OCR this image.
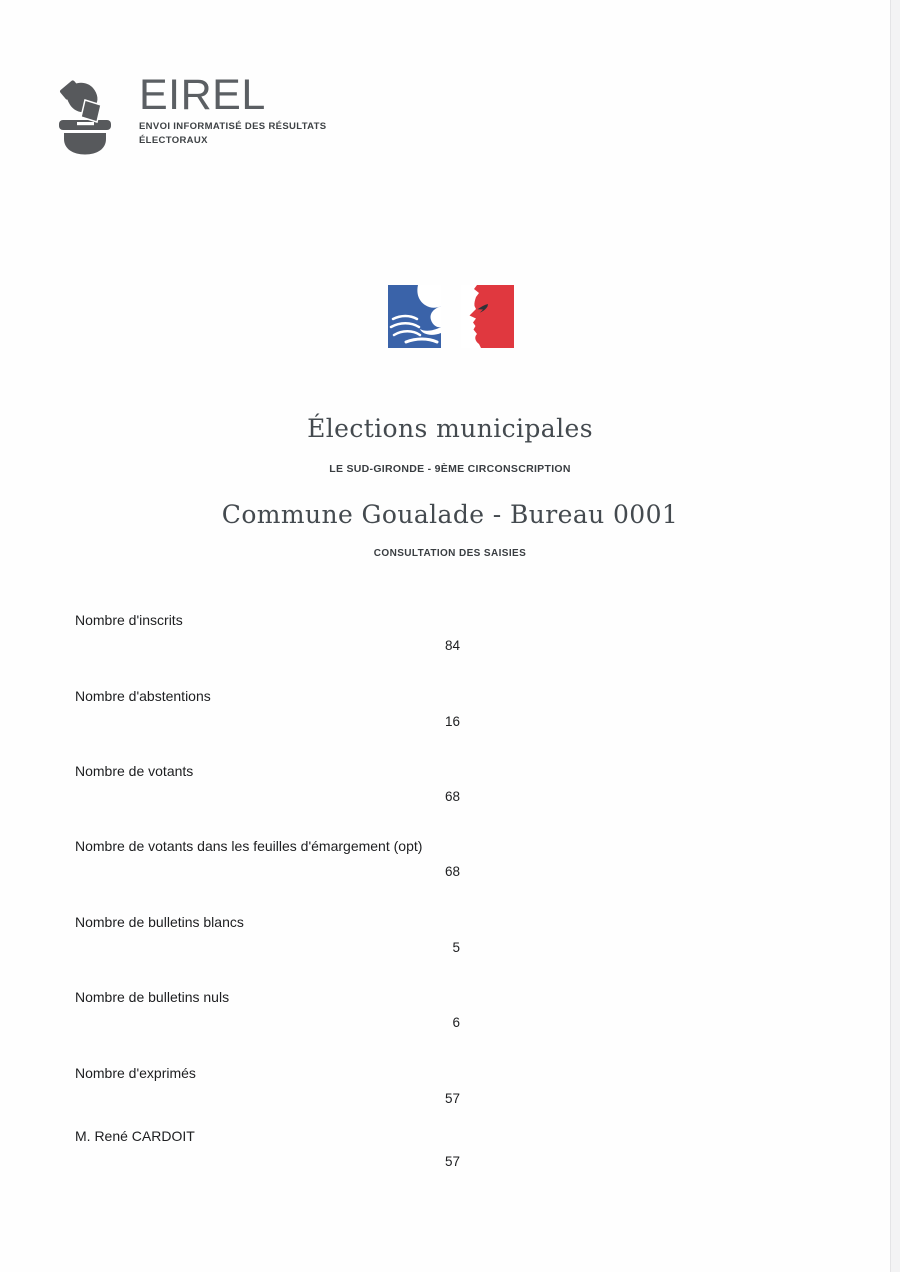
EIREL
ENVOI INFORMATISÉ DES RÉSULTATS
ÉLECTORAUX
Élections municipales
LE SUD-GIRONDE - 9ÈME CIRCONSCRIPTION
Commune Goualade - Bureau 0001
CONSULTATION DES SAISIES
Nombre d'inscrits
84
Nombre d'abstentions
16
Nombre de votants
68
Nombre de votants dans les feuilles d'émargement (opt)
68
Nombre de bulletins blancs
5
Nombre de bulletins nuls
6
Nombre d'exprimés
57
M. René CARDOIT
57
